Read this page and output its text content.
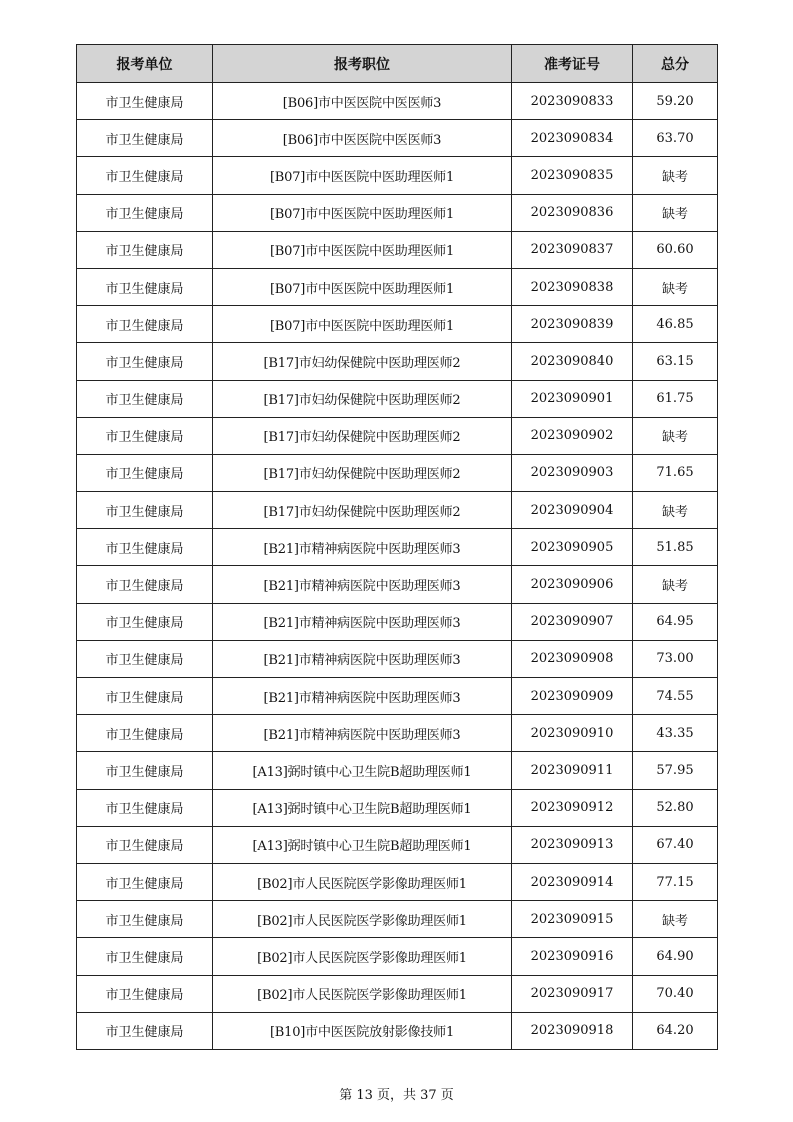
报考单位	报考职位	准考证号	总分
市卫生健康局	[B06]市中医医院中医医师3	2023090833	59.20
市卫生健康局	[B06]市中医医院中医医师3	2023090834	63.70
市卫生健康局	[B07]市中医医院中医助理医师1	2023090835	缺考
市卫生健康局	[B07]市中医医院中医助理医师1	2023090836	缺考
市卫生健康局	[B07]市中医医院中医助理医师1	2023090837	60.60
市卫生健康局	[B07]市中医医院中医助理医师1	2023090838	缺考
市卫生健康局	[B07]市中医医院中医助理医师1	2023090839	46.85
市卫生健康局	[B17]市妇幼保健院中医助理医师2	2023090840	63.15
市卫生健康局	[B17]市妇幼保健院中医助理医师2	2023090901	61.75
市卫生健康局	[B17]市妇幼保健院中医助理医师2	2023090902	缺考
市卫生健康局	[B17]市妇幼保健院中医助理医师2	2023090903	71.65
市卫生健康局	[B17]市妇幼保健院中医助理医师2	2023090904	缺考
市卫生健康局	[B21]市精神病医院中医助理医师3	2023090905	51.85
市卫生健康局	[B21]市精神病医院中医助理医师3	2023090906	缺考
市卫生健康局	[B21]市精神病医院中医助理医师3	2023090907	64.95
市卫生健康局	[B21]市精神病医院中医助理医师3	2023090908	73.00
市卫生健康局	[B21]市精神病医院中医助理医师3	2023090909	74.55
市卫生健康局	[B21]市精神病医院中医助理医师3	2023090910	43.35
市卫生健康局	[A13]弼时镇中心卫生院B超助理医师1	2023090911	57.95
市卫生健康局	[A13]弼时镇中心卫生院B超助理医师1	2023090912	52.80
市卫生健康局	[A13]弼时镇中心卫生院B超助理医师1	2023090913	67.40
市卫生健康局	[B02]市人民医院医学影像助理医师1	2023090914	77.15
市卫生健康局	[B02]市人民医院医学影像助理医师1	2023090915	缺考
市卫生健康局	[B02]市人民医院医学影像助理医师1	2023090916	64.90
市卫生健康局	[B02]市人民医院医学影像助理医师1	2023090917	70.40
市卫生健康局	[B10]市中医医院放射影像技师1	2023090918	64.20
第 13 页，共 37 页
